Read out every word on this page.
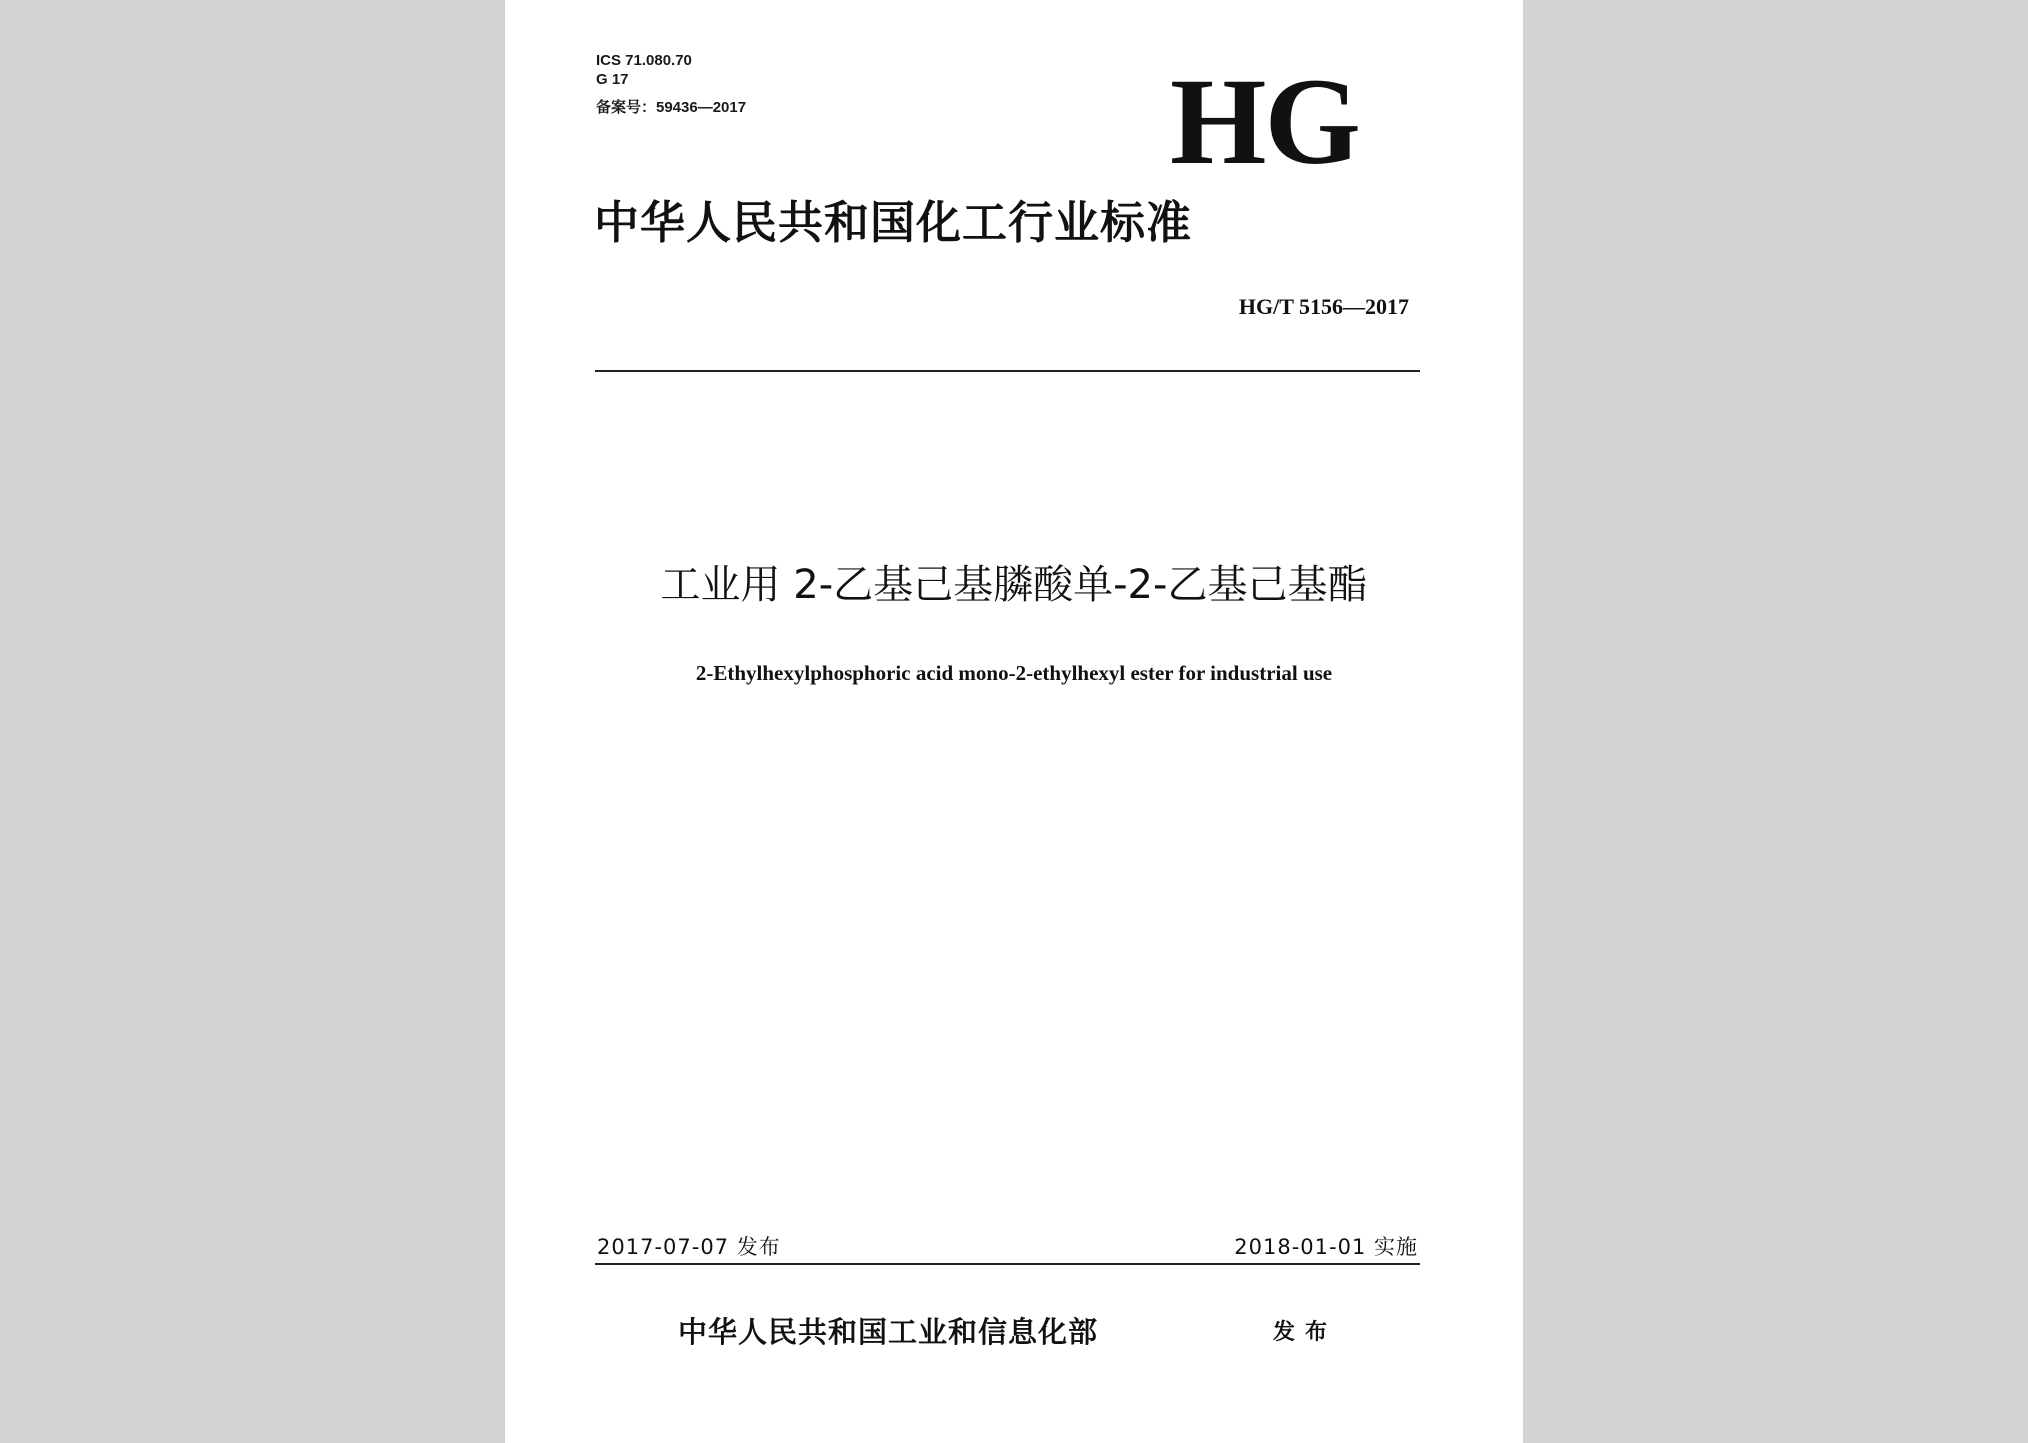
ICS 71.080.70
G 17
备案号：59436—2017	HG
中华人民共和国化工行业标准
HG/T 5156—2017
工业用 2-乙基己基膦酸单-2-乙基己基酯
2-Ethylhexylphosphoric acid mono-2-ethylhexyl ester for industrial use
2017-07-07 发布	2018-01-01 实施
中华人民共和国工业和信息化部	发布
